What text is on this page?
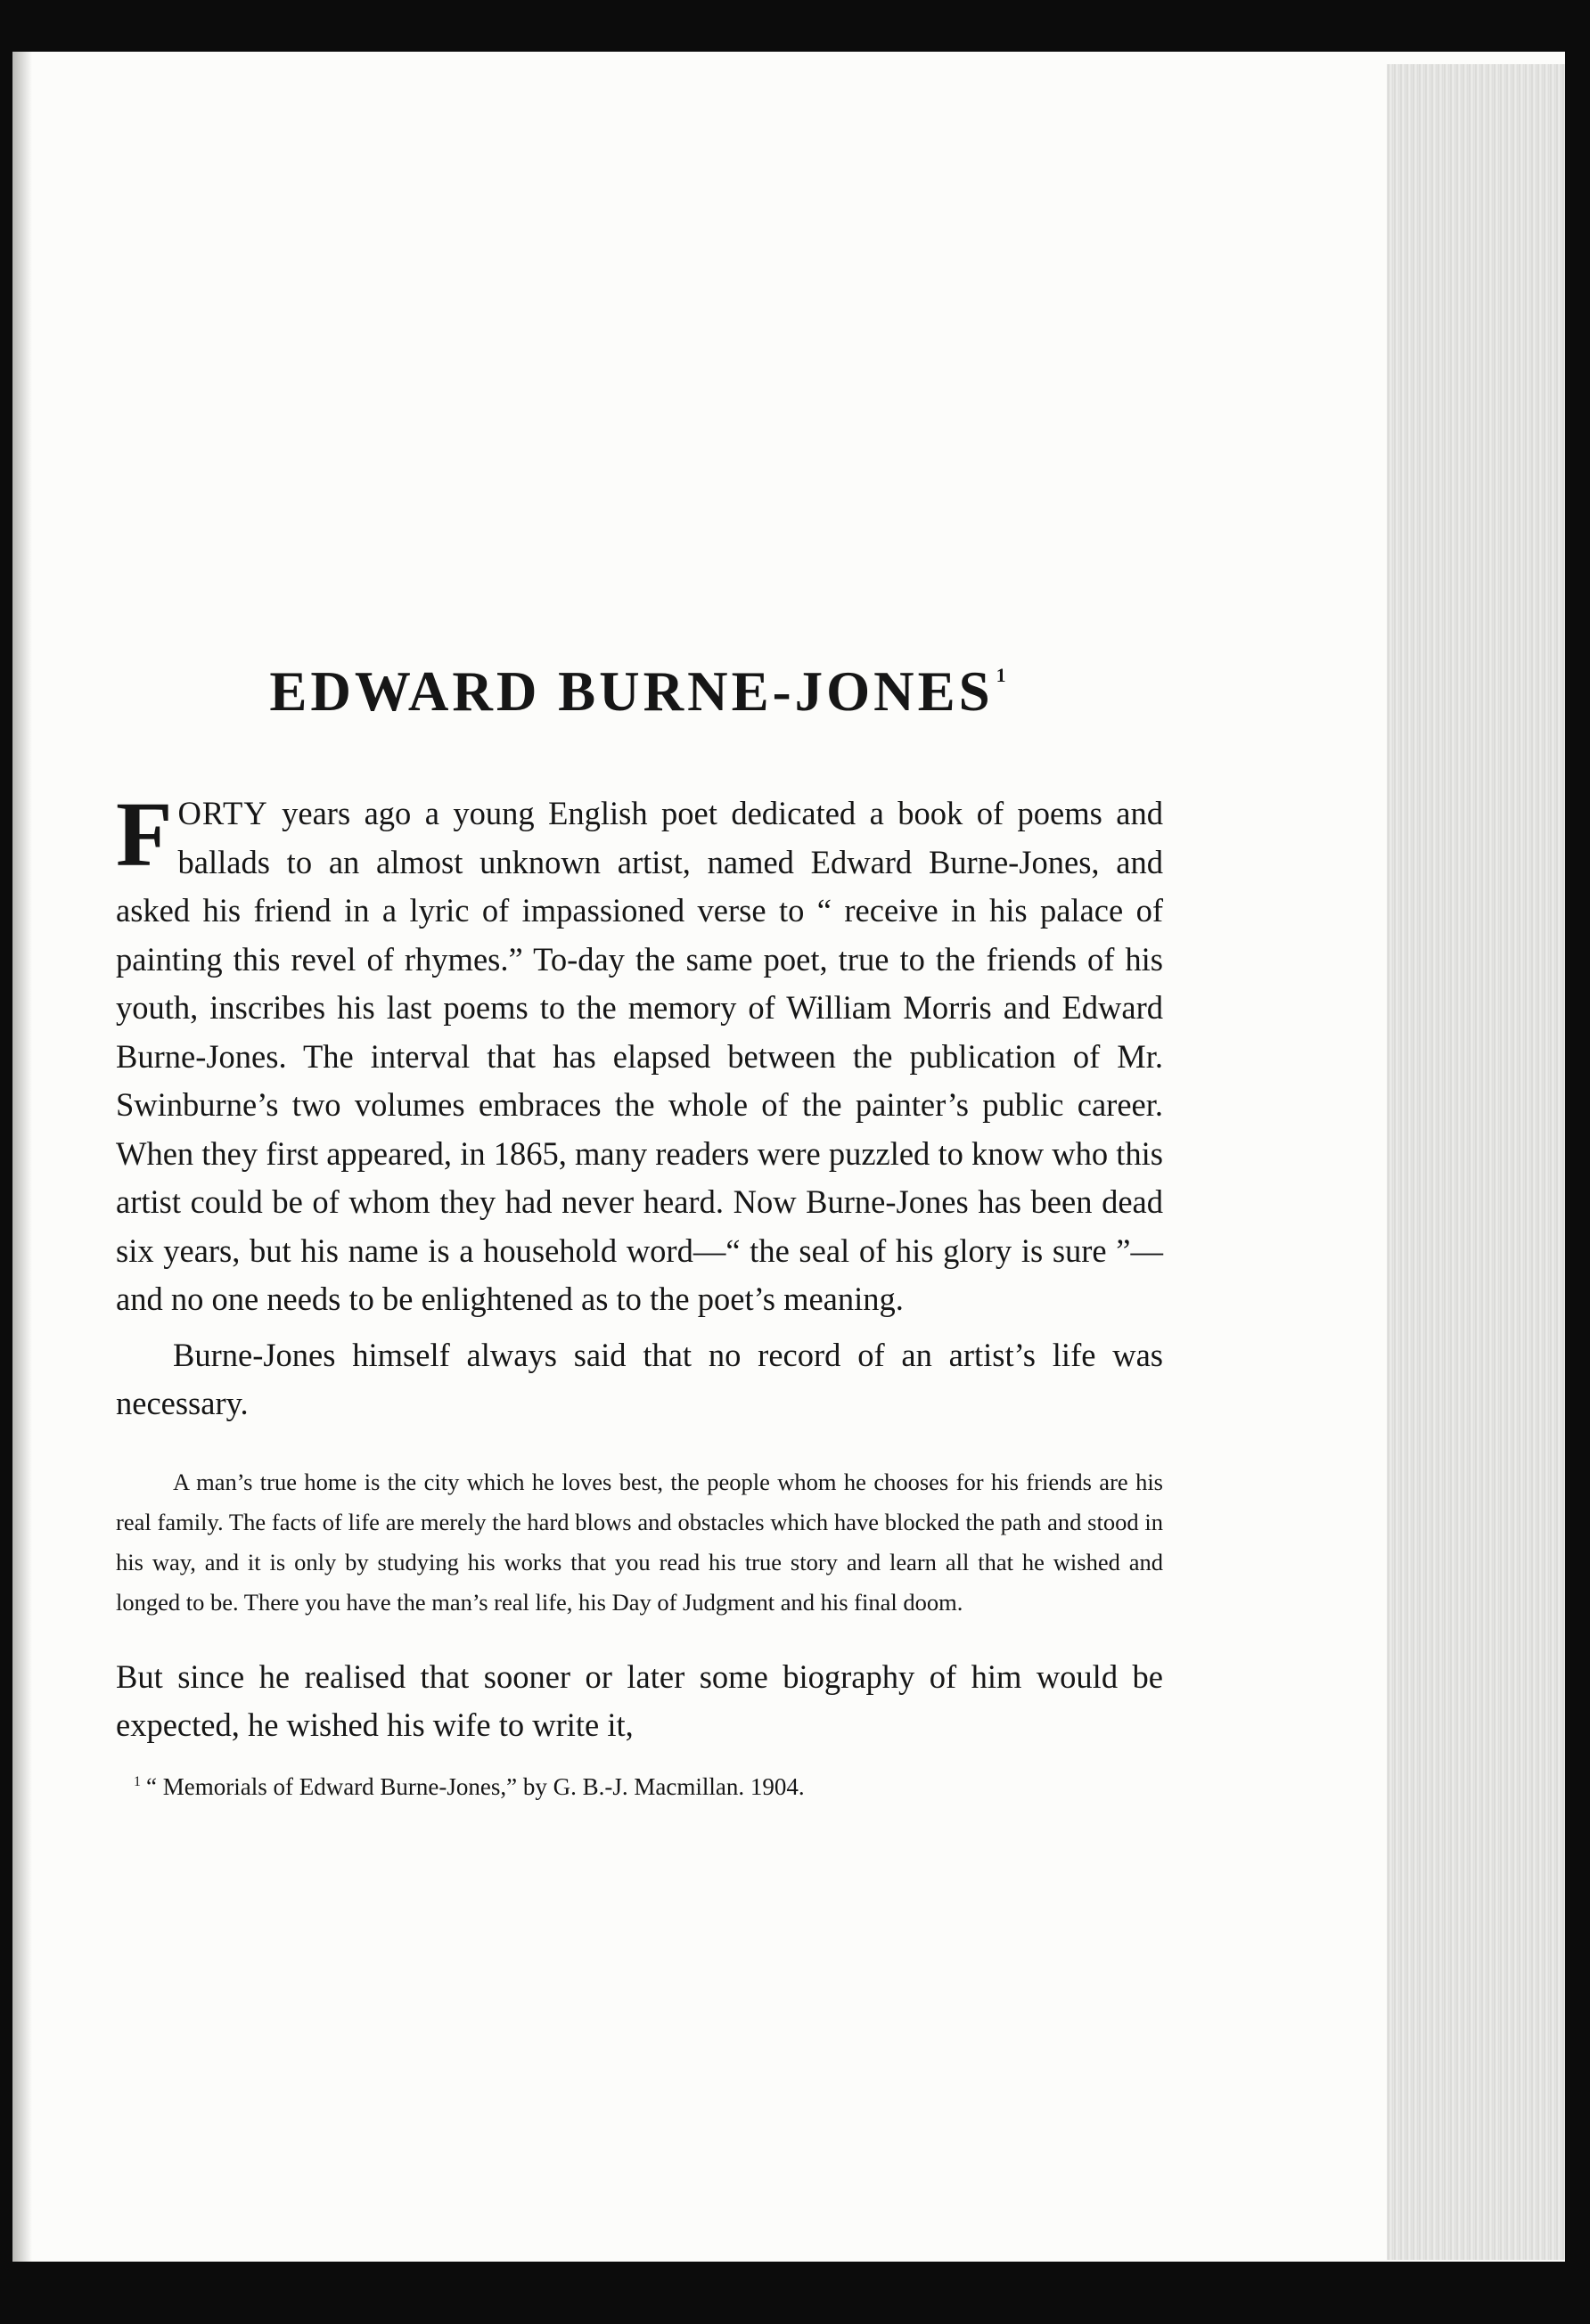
EDWARD BURNE-JONES $^1$

FORTY years ago a young English poet dedicated a book of poems and ballads to an almost unknown artist, named Edward Burne-Jones, and asked his friend in a lyric of impassioned verse to “ receive in his palace of painting this revel of rhymes.” To-day the same poet, true to the friends of his youth, inscribes his last poems to the memory of William Morris and Edward Burne-Jones. The interval that has elapsed between the publication of Mr. Swinburne’s two volumes embraces the whole of the painter’s public career. When they first appeared, in 1865, many readers were puzzled to know who this artist could be of whom they had never heard. Now Burne-Jones has been dead six years, but his name is a household word—“ the seal of his glory is sure ”—and no one needs to be enlightened as to the poet’s meaning.

Burne-Jones himself always said that no record of an artist’s life was necessary.

A man’s true home is the city which he loves best, the people whom he chooses for his friends are his real family. The facts of life are merely the hard blows and obstacles which have blocked the path and stood in his way, and it is only by studying his works that you read his true story and learn all that he wished and longed to be. There you have the man’s real life, his Day of Judgment and his final doom.

But since he realised that sooner or later some biography of him would be expected, he wished his wife to write it,

$^1$ “ Memorials of Edward Burne-Jones,” by G. B.-J. Macmillan. 1904.
